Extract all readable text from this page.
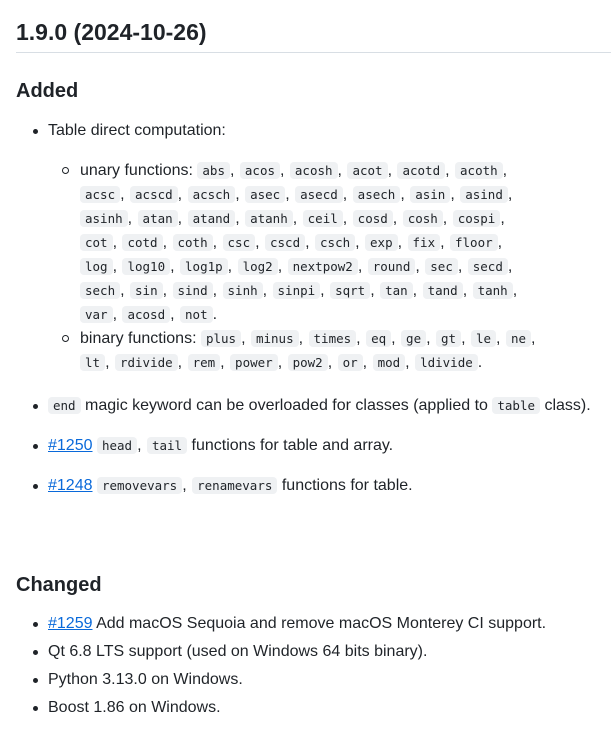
1.9.0 (2024-10-26)
Added
Table direct computation:
unary functions: abs , acos , acosh , acot , acotd , acoth , acsc , acscd , acsch , asec , asecd , asech , asin , asind , asinh , atan , atand , atanh , ceil , cosd , cosh , cospi , cot , cotd , coth , csc , cscd , csch , exp , fix , floor , log , log10 , log1p , log2 , nextpow2 , round , sec , secd , sech , sin , sind , sinh , sinpi , sqrt , tan , tand , tanh , var , acosd , not .
binary functions: plus , minus , times , eq , ge , gt , le , ne , lt , rdivide , rem , power , pow2 , or , mod , ldivide .
end magic keyword can be overloaded for classes (applied to table class).
#1250 head , tail functions for table and array.
#1248 removevars , renamevars functions for table.
Changed
#1259 Add macOS Sequoia and remove macOS Monterey CI support.
Qt 6.8 LTS support (used on Windows 64 bits binary).
Python 3.13.0 on Windows.
Boost 1.86 on Windows.
